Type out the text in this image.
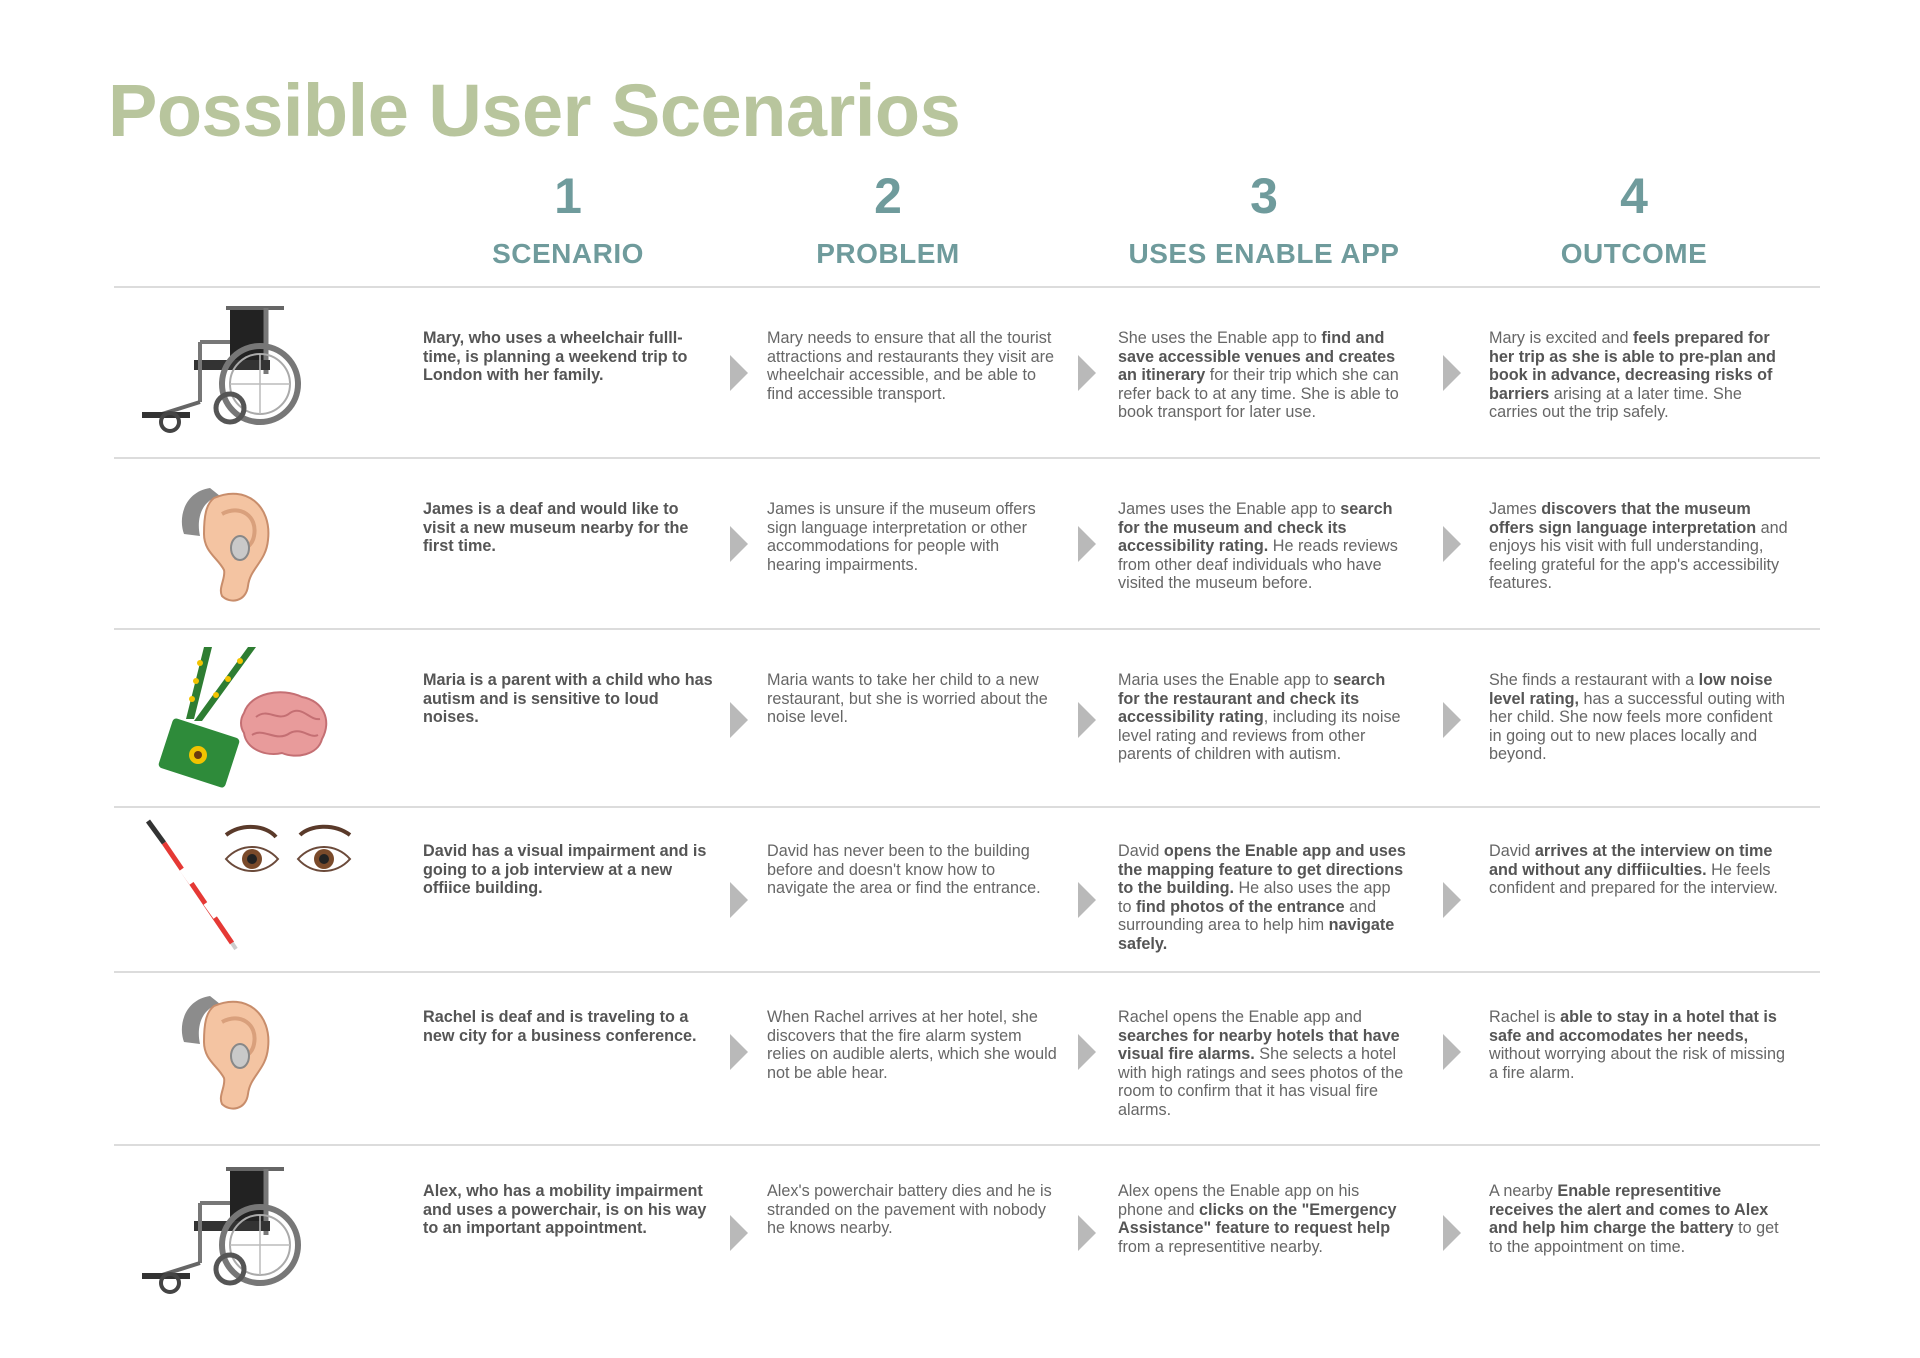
Possible User Scenarios
1
SCENARIO
2
PROBLEM
3
USES ENABLE APP
4
OUTCOME
Mary, who uses a wheelchair fulll-time, is planning a weekend trip to London with her family.
Mary needs to ensure that all the tourist attractions and restaurants they visit are wheelchair accessible, and be able to find accessible transport.
She uses the Enable app to find and save accessible venues and creates an itinerary for their trip which she can refer back to at any time. She is able to book transport for later use.
Mary is excited and feels prepared for her trip as she is able to pre-plan and book in advance, decreasing risks of barriers arising at a later time. She carries out the trip safely.
James is a deaf and would like to visit a new museum nearby for the first time.
James is unsure if the museum offers sign language interpretation or other accommodations for people with hearing impairments.
James uses the Enable app to search for the museum and check its accessibility rating. He reads reviews from other deaf individuals who have visited the museum before.
James discovers that the museum offers sign language interpretation and enjoys his visit with full understanding, feeling grateful for the app's accessibility features.
Maria is a parent with a child who has autism and is sensitive to loud noises.
Maria wants to take her child to a new restaurant, but she is worried about the noise level.
Maria uses the Enable app to search for the restaurant and check its accessibility rating, including its noise level rating and reviews from other parents of children with autism.
She finds a restaurant with a low noise level rating, has a successful outing with her child. She now feels more confident in going out to new places locally and beyond.
David has a visual impairment and is going to a job interview at a new offiice building.
David has never been to the building before and doesn't know how to navigate the area or find the entrance.
David opens the Enable app and uses the mapping feature to get directions to the building. He also uses the app to find photos of the entrance and surrounding area to help him navigate safely.
David arrives at the interview on time and without any diffiiculties. He feels confident and prepared for the interview.
Rachel is deaf and is traveling to a new city for a business conference.
When Rachel arrives at her hotel, she discovers that the fire alarm system relies on audible alerts, which she would not be able hear.
Rachel opens the Enable app and searches for nearby hotels that have visual fire alarms. She selects a hotel with high ratings and sees photos of the room to confirm that it has visual fire alarms.
Rachel is able to stay in a hotel that is safe and accomodates her needs, without worrying about the risk of missing a fire alarm.
Alex, who has a mobility impairment and uses a powerchair, is on his way to an important appointment.
Alex's powerchair battery dies and he is stranded on the pavement with nobody he knows nearby.
Alex opens the Enable app on his phone and clicks on the "Emergency Assistance" feature to request help from a representitive nearby.
A nearby Enable representitive receives the alert and comes to Alex and help him charge the battery to get to the appointment on time.
